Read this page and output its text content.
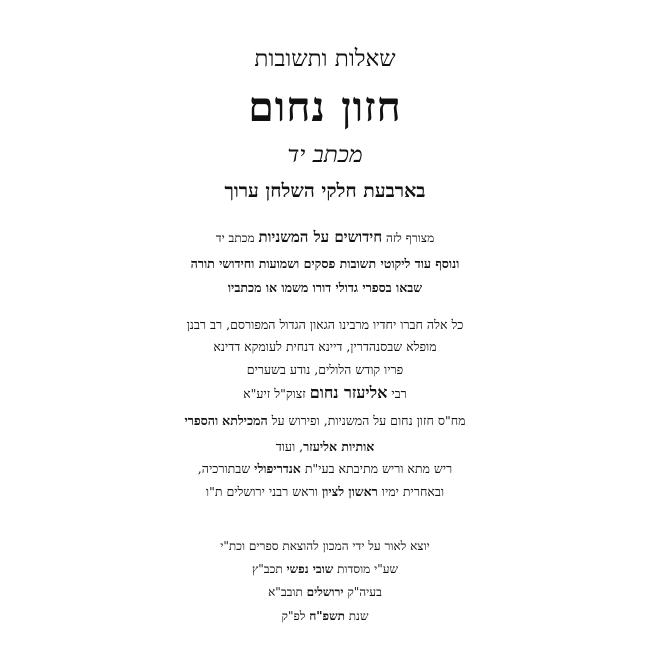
שאלות ותשובות
חזון נחום
מכתב יד
בארבעת חלקי השלחן ערוך
מצורף לזה חידושים על המשניות מכתב יד
ונוסף עוד ליקוטי תשובות פסקים ושמועות וחידושי תורה
שבאו בספרי גדולי דורו משמו או מכתביו
כל אלה חברו יחדיו מרבינו הגאון הגדול המפורסם, רב רבנן
מופלא שבסנהדרין, דיינא דנחית לעומקא דדינא
פריו קודש הלולים, נודע בשערים
רבי אליעזר נחום זצוק"ל זיע"א
מח"ס חזון נחום על המשניות, ופירוש על המכילתא והספרי
אותיות אליעזר, ועוד
ריש מתא וריש מתיבתא בעי"ת אנדריפולי שבתורכיה,
ובאחרית ימיו ראשון לציון וראש רבני ירושלים ת"ו
יוצא לאור על ידי המכון להוצאת ספרים וכת"י
שע"י מוסדות שובי נפשי תכב"ץ
בעיה"ק ירושלים תובב"א
שנת תשפ"ח לפ"ק
